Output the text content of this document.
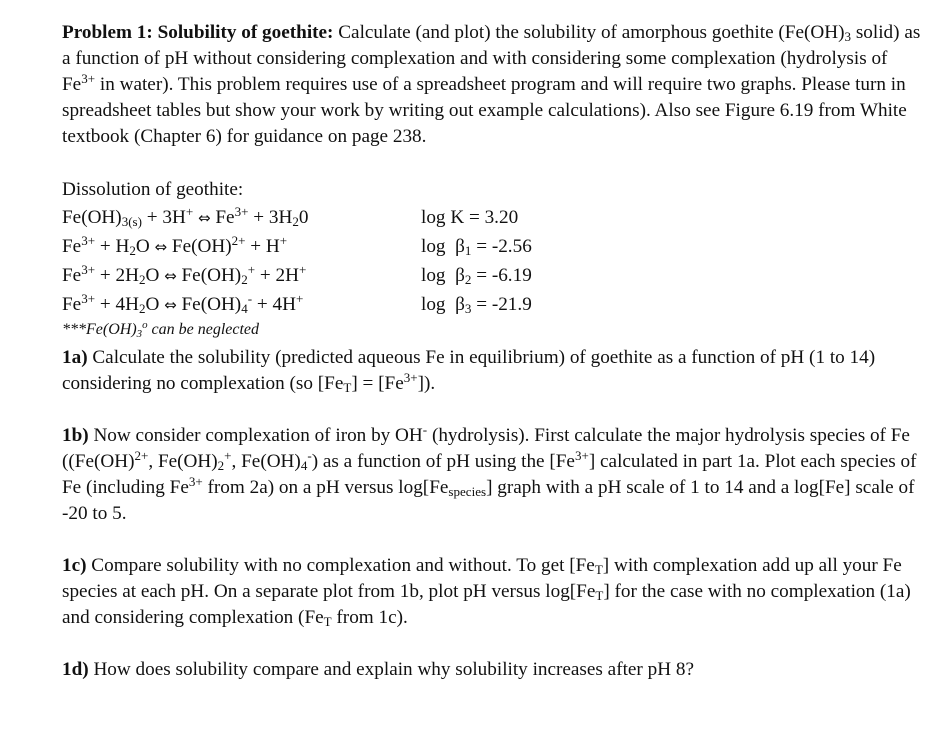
Problem 1: Solubility of goethite: Calculate (and plot) the solubility of amorphous goethite ($Fe(OH)_3$ solid) as a function of pH without considering complexation and with considering some complexation (hydrolysis of $Fe^{3+}$ in water). This problem requires use of a spreadsheet program and will require two graphs. Please turn in spreadsheet tables but show your work by writing out example calculations). Also see Figure 6.19 from White textbook (Chapter 6) for guidance on page 238.

Dissolution of geothite:

$Fe(OH)_{3(s)} + 3H^+$ ⇔ $Fe^{3+} + 3H_20$

$Fe^{3+} + H_2O$ ⇔ Fe(OH)$^{2+}$ + H+

$Fe^{3+} + 2H_2O$ ⇔ $Fe(OH)_2^+ + 2H^+$

$Fe^{3+} + 4H_2O$ ⇔ $Fe(OH)_4^- + 4H^+$

$***Fe(OH)_3^o$ can be neglected

log K = 3.20

$\log \beta_1 = -2.56$

$\log \beta_2 = -6.19$

$\log \beta_3 = -21.9$

1a) Calculate the solubility (predicted aqueous Fe in equilibrium) of goethite as a function of pH (1 to 14) considering no complexation (so $[Fe_T] = [Fe^{3+}]$).

1b) Now consider complexation of iron by OH- (hydrolysis). First calculate the major hydrolysis species of Fe ((Fe(OH)$^{2+}$, $Fe(OH)_2^+$, $Fe(OH)_4^-$) as a function of pH using the $[Fe^{3+}]$ calculated in part 1a. Plot each species of Fe (including $Fe^{3+}$ from 2a) on a pH versus $\log[Fe_{species}]$ graph with a pH scale of 1 to 14 and a log[Fe] scale of -20 to 5.

1c) Compare solubility with no complexation and without. To get $[Fe_T]$ with complexation add up all your Fe species at each pH. On a separate plot from 1b, plot pH versus $\log[Fe_T]$ for the case with no complexation (1a) and considering complexation ($Fe_T$ from 1c).

1d) How does solubility compare and explain why solubility increases after pH 8?
